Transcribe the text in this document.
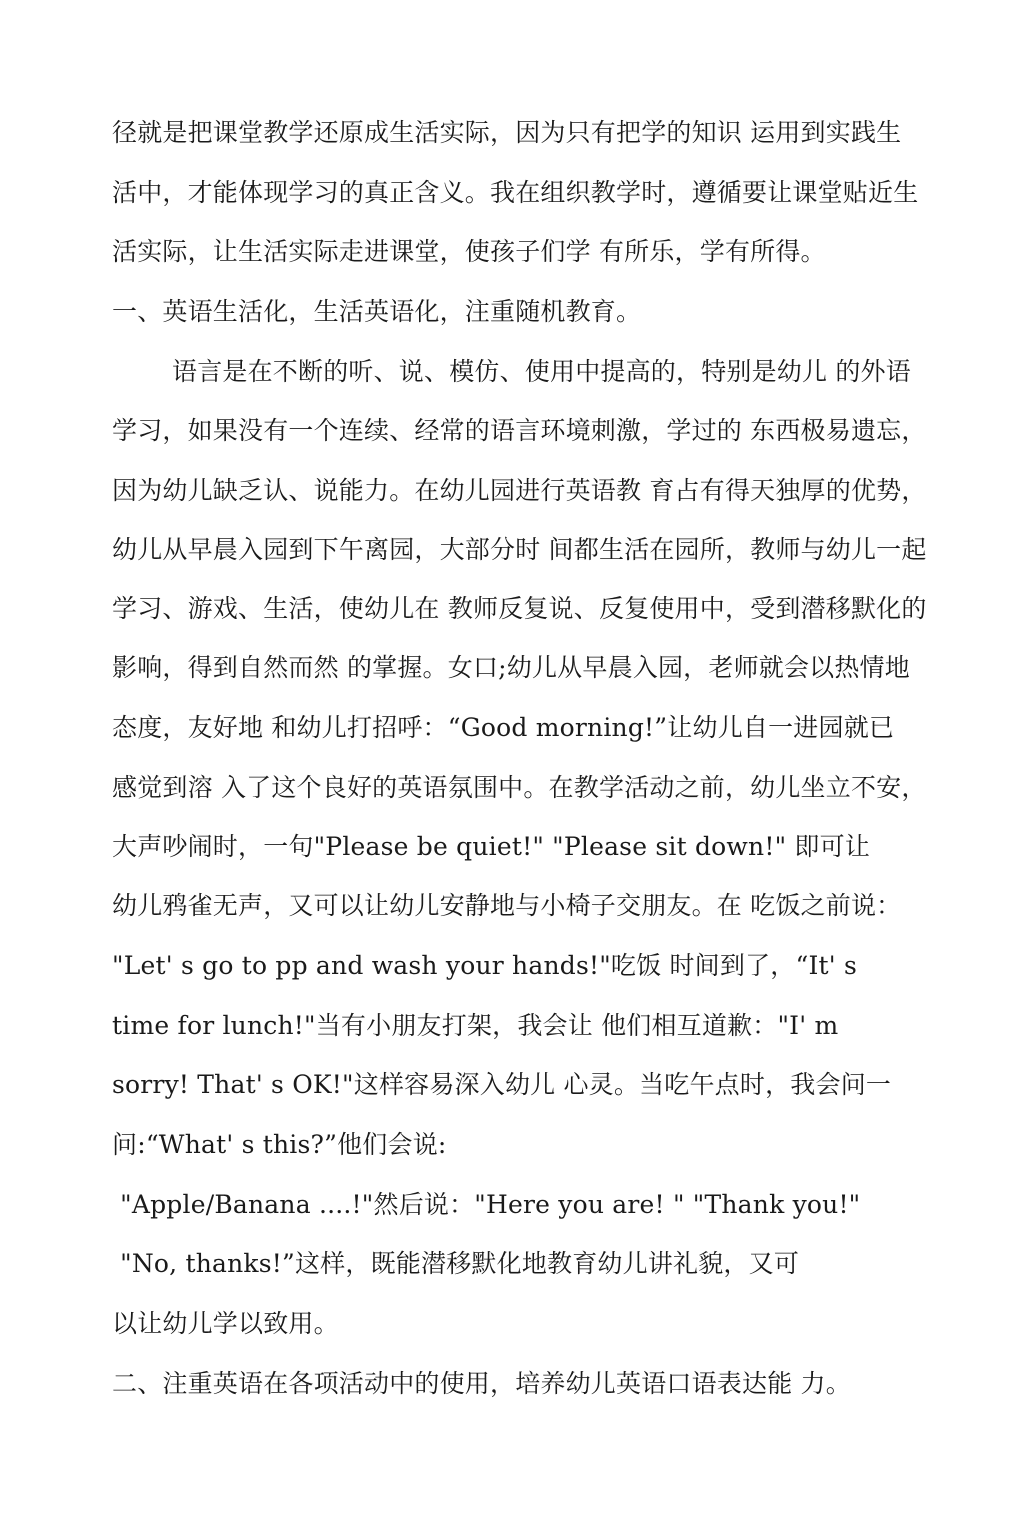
径就是把课堂教学还原成生活实际，因为只有把学的知识 运用到实践生
活中，才能体现学习的真正含义。我在组织教学时，遵循要让课堂贴近生
活实际，让生活实际走进课堂，使孩子们学 有所乐，学有所得。
一、英语生活化，生活英语化，注重随机教育。
语言是在不断的听、说、模仿、使用中提高的，特别是幼儿 的外语
学习，如果没有一个连续、经常的语言环境刺激，学过的 东西极易遗忘，
因为幼儿缺乏认、说能力。在幼儿园进行英语教 育占有得天独厚的优势，
幼儿从早晨入园到下午离园，大部分时 间都生活在园所，教师与幼儿一起
学习、游戏、生活，使幼儿在 教师反复说、反复使用中，受到潜移默化的
影响，得到自然而然 的掌握。女口;幼儿从早晨入园，老师就会以热情地
态度，友好地 和幼儿打招呼：“Good morning!”让幼儿自一进园就已
感觉到溶 入了这个良好的英语氛围中。在教学活动之前，幼儿坐立不安，
大声吵闹时，一句"Please be quiet!" "Please sit down!" 即可让
幼儿鸦雀无声，又可以让幼儿安静地与小椅子交朋友。在 吃饭之前说：
"Let' s go to pp and wash your hands!"吃饭 时间到了，“It' s
time for lunch!"当有小朋友打架，我会让 他们相互道歉："I' m
sorry! That' s OK!"这样容易深入幼儿 心灵。当吃午点时，我会问一
问:“What' s this?”他们会说:
"Apple/Banana ....!"然后说："Here you are! " "Thank you!"
"No, thanks!”这样，既能潜移默化地教育幼儿讲礼貌，又可
以让幼儿学以致用。
二、注重英语在各项活动中的使用，培养幼儿英语口语表达能 力。
